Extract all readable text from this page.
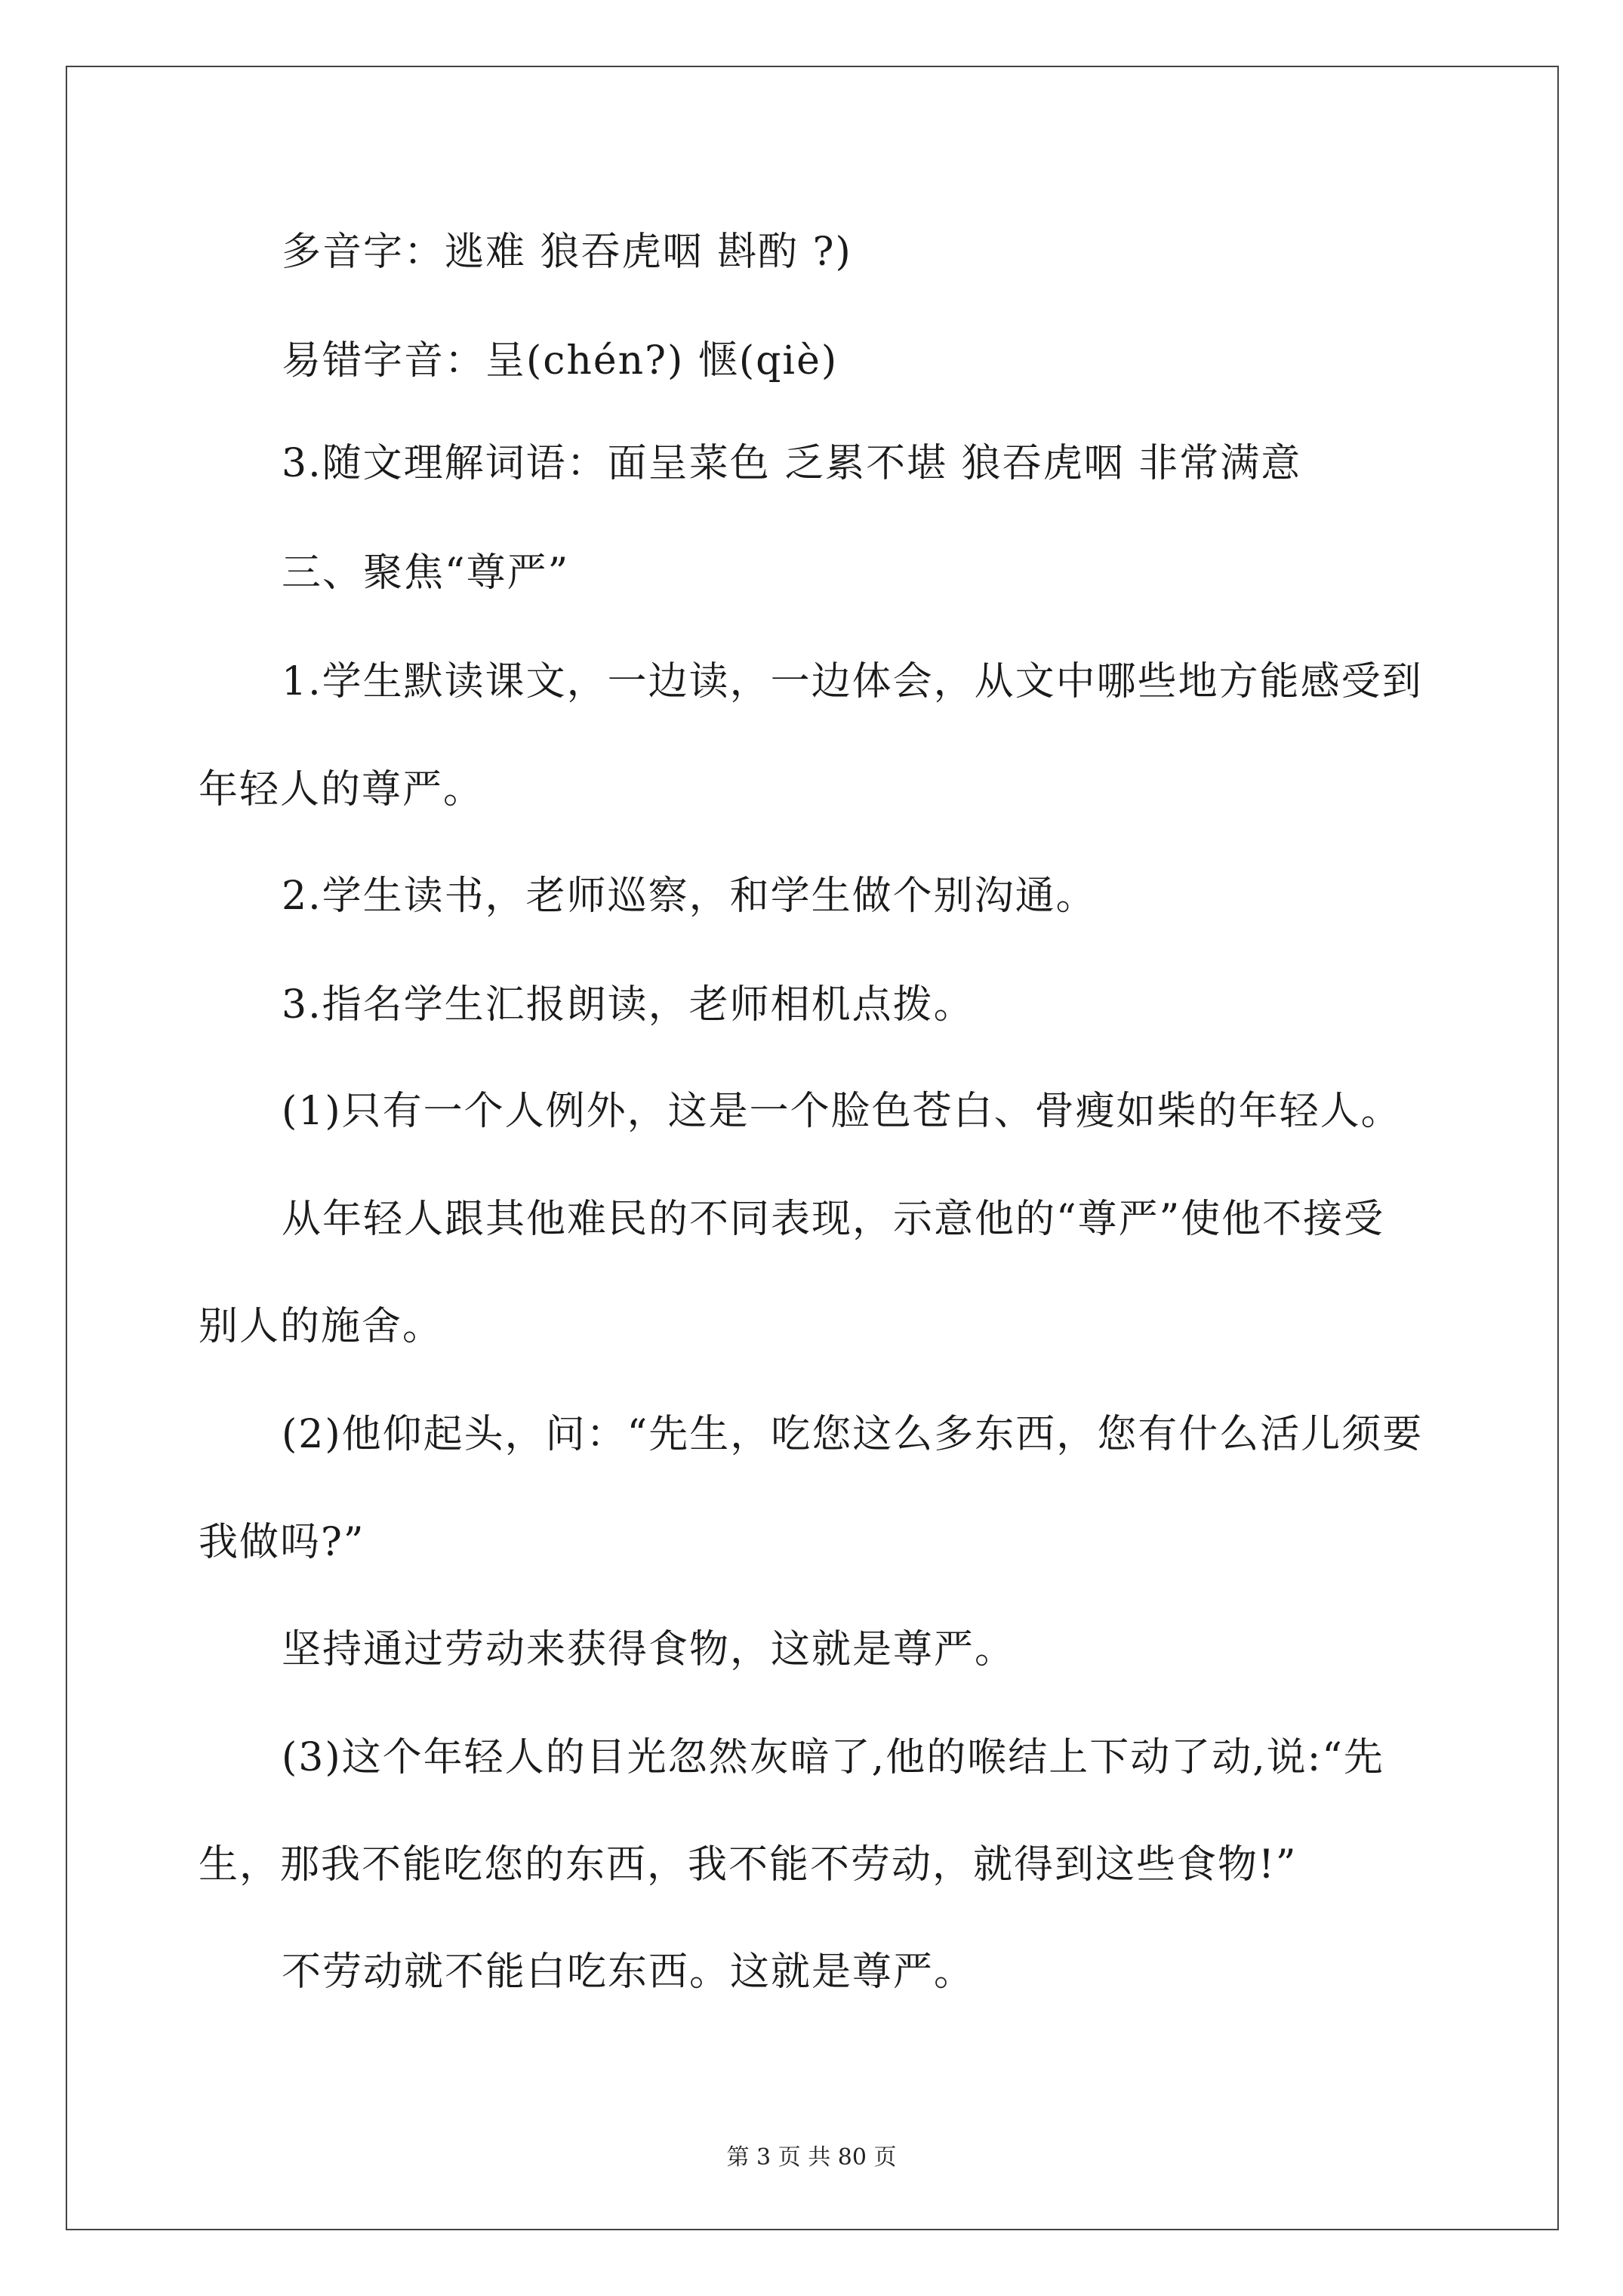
多音字：逃难 狼吞虎咽 斟酌 ?)
易错字音：呈(chén?) 惬(qiè)
3.随文理解词语：面呈菜色 乏累不堪 狼吞虎咽 非常满意
三、聚焦“尊严”
1.学生默读课文，一边读，一边体会，从文中哪些地方能感受到
年轻人的尊严。
2.学生读书，老师巡察，和学生做个别沟通。
3.指名学生汇报朗读，老师相机点拨。
(1)只有一个人例外，这是一个脸色苍白、骨瘦如柴的年轻人。
从年轻人跟其他难民的不同表现，示意他的“尊严”使他不接受
别人的施舍。
(2)他仰起头，问：“先生，吃您这么多东西，您有什么活儿须要
我做吗?”
坚持通过劳动来获得食物，这就是尊严。
(3)这个年轻人的目光忽然灰暗了,他的喉结上下动了动,说:“先
生，那我不能吃您的东西，我不能不劳动，就得到这些食物!”
不劳动就不能白吃东西。这就是尊严。
第 3 页 共 80 页
